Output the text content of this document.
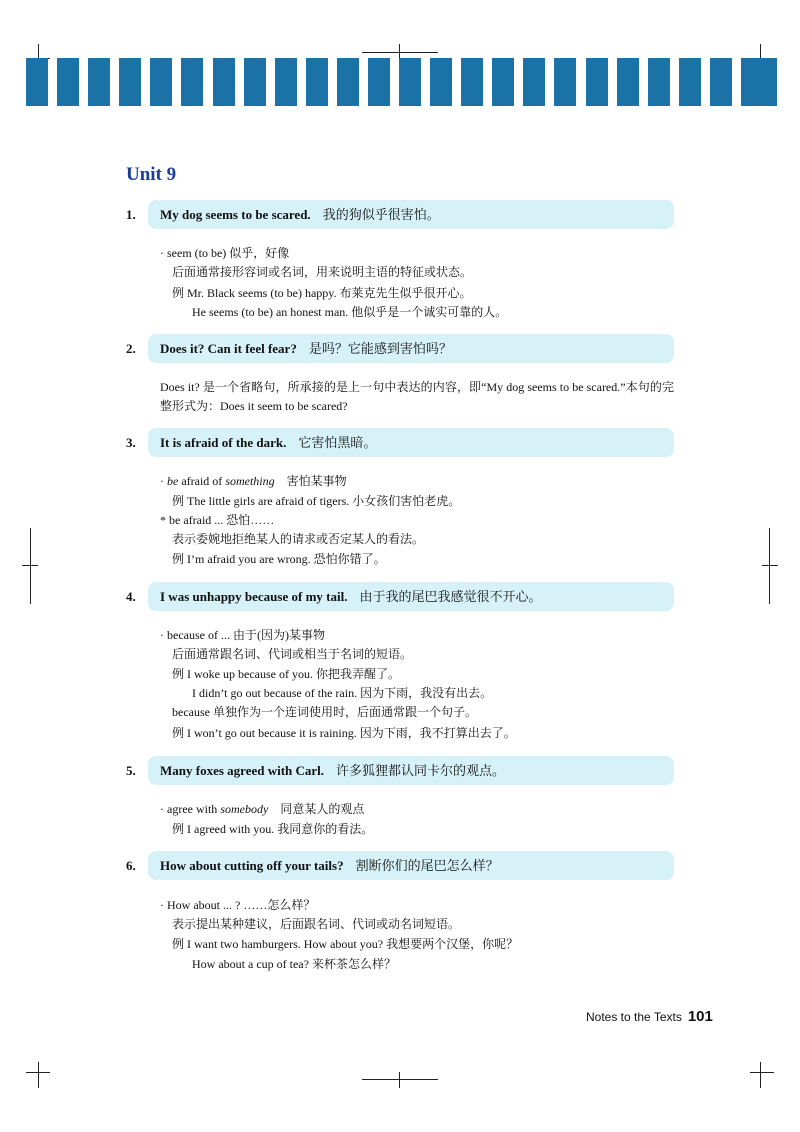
Unit 9
1. My dog seems to be scared. 我的狗似乎很害怕。
· seem (to be) 似乎，好像
后面通常接形容词或名词，用来说明主语的特征或状态。
例 Mr. Black seems (to be) happy. 布莱克先生似乎很开心。
He seems (to be) an honest man. 他似乎是一个诚实可靠的人。
2. Does it? Can it feel fear? 是吗？它能感到害怕吗？
Does it? 是一个省略句，所承接的是上一句中表达的内容，即“My dog seems to be scared.”本句的完整形式为：Does it seem to be scared?
3. It is afraid of the dark. 它害怕黑暗。
· be afraid of something 害怕某事物
例 The little girls are afraid of tigers. 小女孩们害怕老虎。
* be afraid ... 恐怕……
表示委婉地拒绝某人的请求或否定某人的看法。
例 I’m afraid you are wrong. 恐怕你错了。
4. I was unhappy because of my tail. 由于我的尾巴我感觉很不开心。
· because of ... 由于(因为)某事物
后面通常跟名词、代词或相当于名词的短语。
例 I woke up because of you. 你把我弄醒了。
I didn’t go out because of the rain. 因为下雨，我没有出去。
because 单独作为一个连词使用时，后面通常跟一个句子。
例 I won’t go out because it is raining. 因为下雨，我不打算出去了。
5. Many foxes agreed with Carl. 许多狐狸都认同卡尔的观点。
· agree with somebody 同意某人的观点
例 I agreed with you. 我同意你的看法。
6. How about cutting off your tails? 割断你们的尾巴怎么样？
· How about ... ? ……怎么样？
表示提出某种建议，后面跟名词、代词或动名词短语。
例 I want two hamburgers. How about you? 我想要两个汉堡，你呢？
How about a cup of tea? 来杯茶怎么样？
Notes to the Texts 101
